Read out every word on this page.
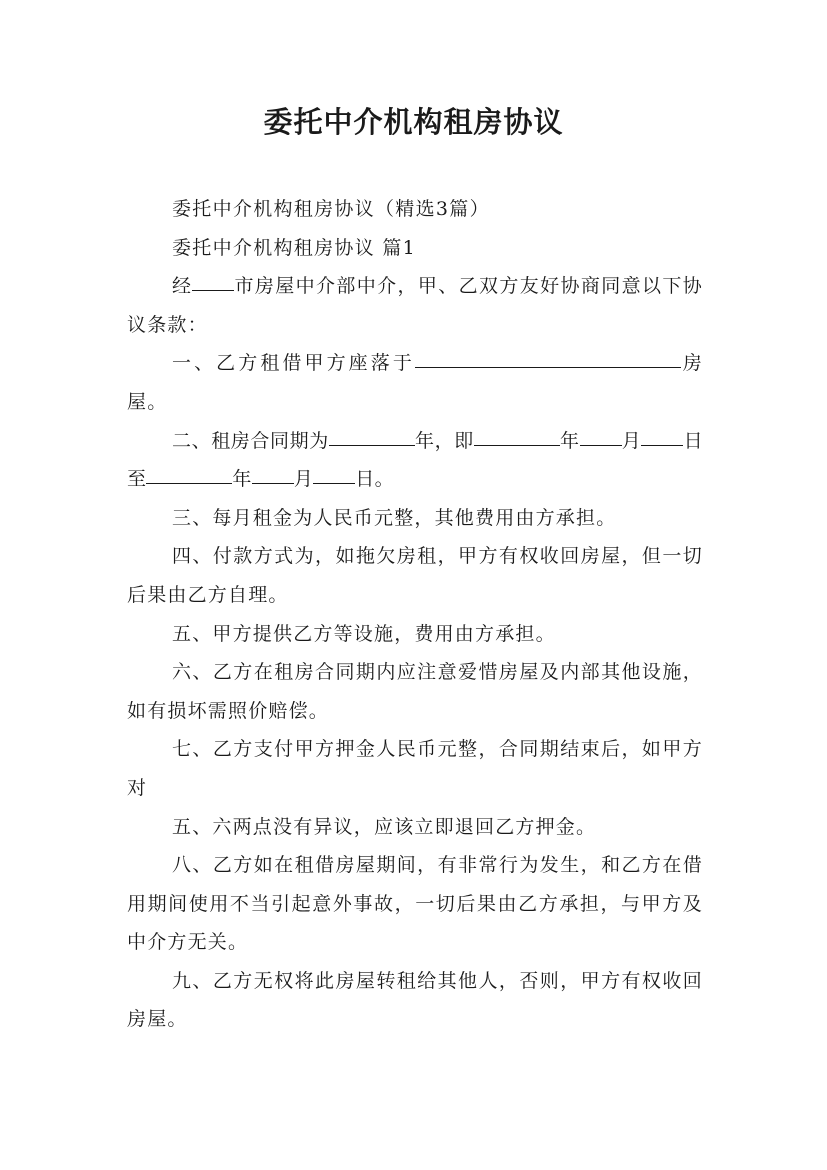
委托中介机构租房协议

委托中介机构租房协议（精选3篇）

委托中介机构租房协议 篇1

经 市房屋中介部中介，甲、乙双方友好协商同意以下协议条款：

一、乙方租借甲方座落于	房屋。

二、租房合同期为	年，即	年 月 日至	年 月 日。

三、每月租金为人民币元整，其他费用由方承担。

四、付款方式为，如拖欠房租，甲方有权收回房屋，但一切后果由乙方自理。

五、甲方提供乙方等设施，费用由方承担。

六、乙方在租房合同期内应注意爱惜房屋及内部其他设施，如有损坏需照价赔偿。

七、乙方支付甲方押金人民币元整，合同期结束后，如甲方对

五、六两点没有异议，应该立即退回乙方押金。

八、乙方如在租借房屋期间，有非常行为发生，和乙方在借用期间使用不当引起意外事故，一切后果由乙方承担，与甲方及中介方无关。

九、乙方无权将此房屋转租给其他人，否则，甲方有权收回房屋。
